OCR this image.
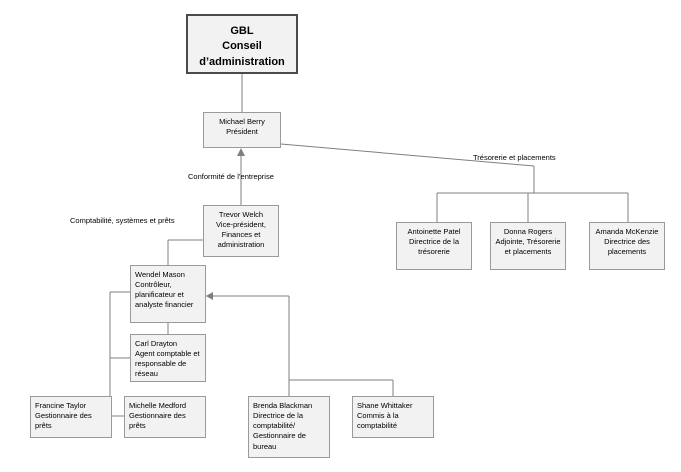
GBL
Conseil
d’administration
Michael Berry
Président
Trevor Welch
Vice-président, Finances et administration
Antoinette Patel
Directrice de la trésorerie
Donna Rogers
Adjointe, Trésorerie et placements
Amanda McKenzie
Directrice des placements
Wendel Mason
Contrôleur, planificateur et analyste financier
Carl Drayton
Agent comptable et responsable de réseau
Francine Taylor
Gestionnaire des prêts
Michelle Medford
Gestionnaire des prêts
Brenda Blackman
Directrice de la comptabilité/ Gestionnaire de bureau
Shane Whittaker
Commis à la comptabilité
Conformité de l’entreprise
Trésorerie et placements
Comptabilité, systèmes et prêts
